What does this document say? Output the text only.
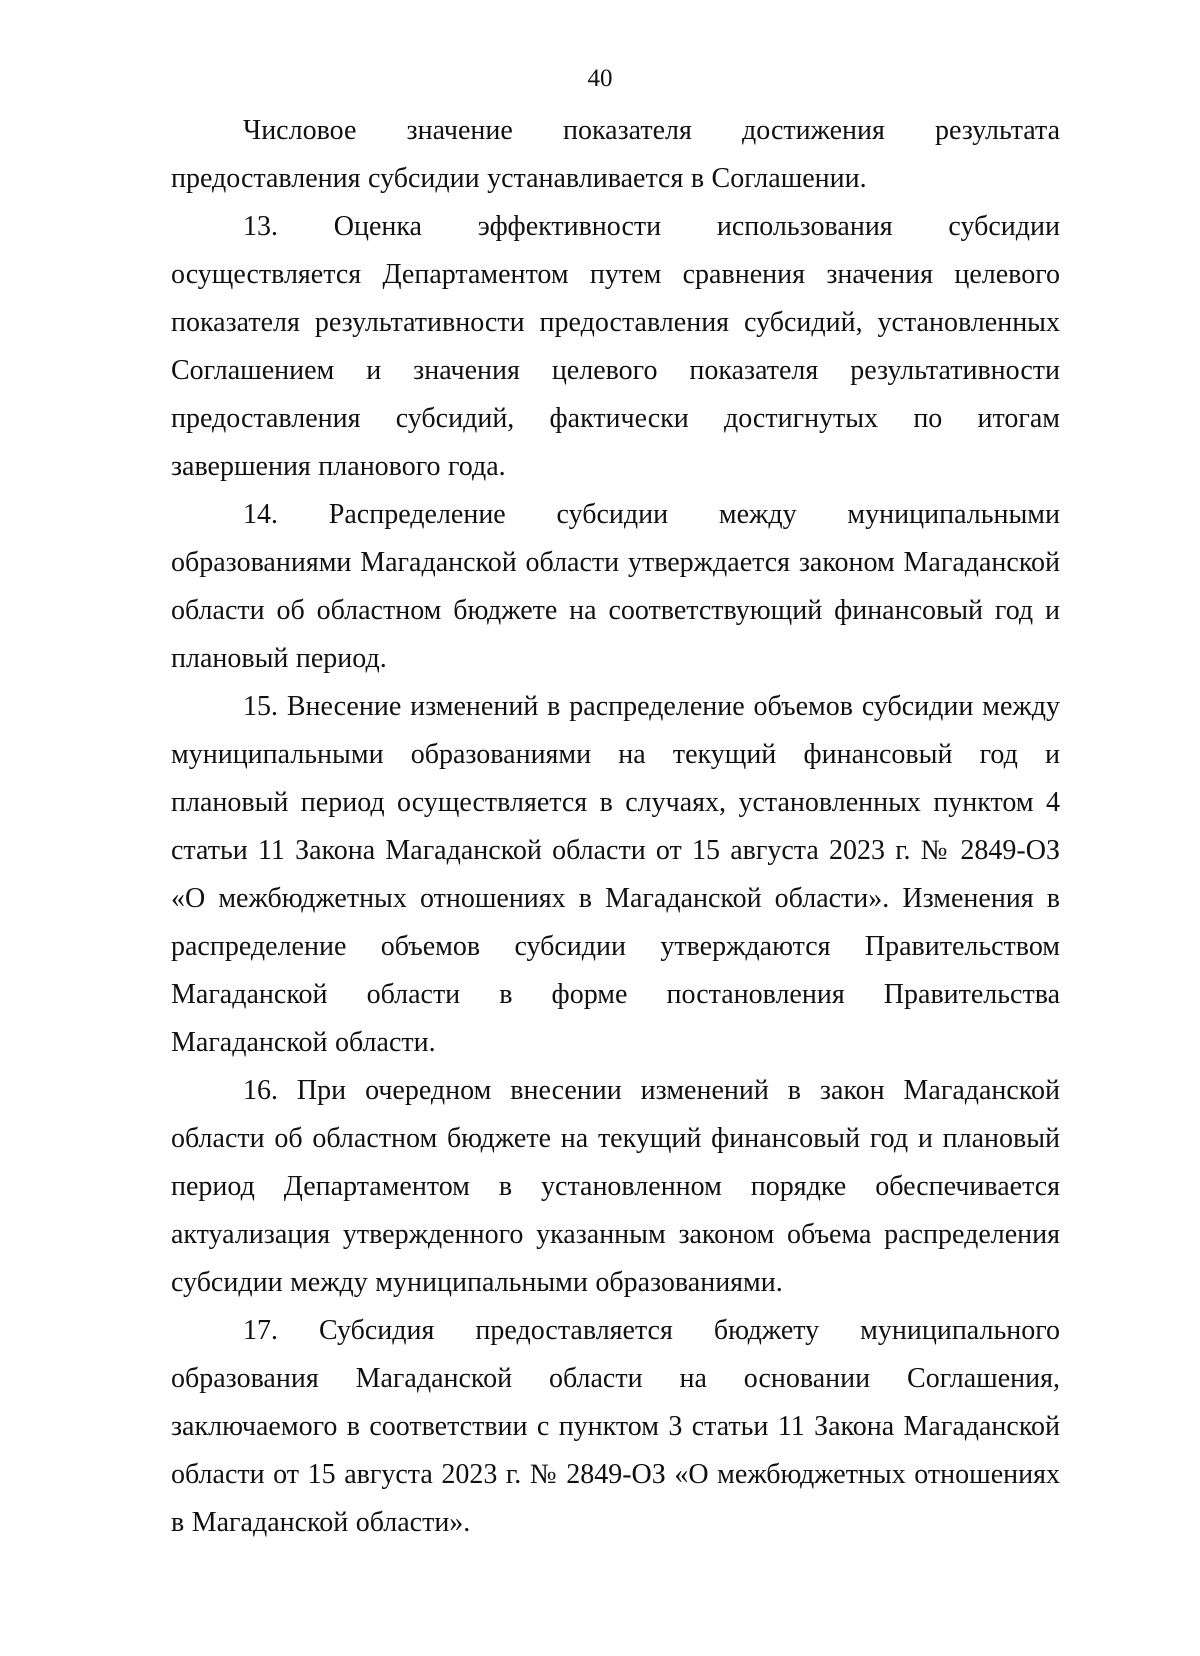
40

Числовое значение показателя достижения результата предоставления субсидии устанавливается в Соглашении.

13. Оценка эффективности использования субсидии осуществляется Департаментом путем сравнения значения целевого показателя результативности предоставления субсидий, установленных Соглашением и значения целевого показателя результативности предоставления субсидий, фактически достигнутых по итогам завершения планового года.

14. Распределение субсидии между муниципальными образованиями Магаданской области утверждается законом Магаданской области об областном бюджете на соответствующий финансовый год и плановый период.

15. Внесение изменений в распределение объемов субсидии между муниципальными образованиями на текущий финансовый год и плановый период осуществляется в случаях, установленных пунктом 4 статьи 11 Закона Магаданской области от 15 августа 2023 г. № 2849-ОЗ «О межбюджетных отношениях в Магаданской области». Изменения в распределение объемов субсидии утверждаются Правительством Магаданской области в форме постановления Правительства Магаданской области.

16. При очередном внесении изменений в закон Магаданской области об областном бюджете на текущий финансовый год и плановый период Департаментом в установленном порядке обеспечивается актуализация утвержденного указанным законом объема распределения субсидии между муниципальными образованиями.

17. Субсидия предоставляется бюджету муниципального образования Магаданской области на основании Соглашения, заключаемого в соответствии с пунктом 3 статьи 11 Закона Магаданской области от 15 августа 2023 г. № 2849-ОЗ «О межбюджетных отношениях в Магаданской области».
